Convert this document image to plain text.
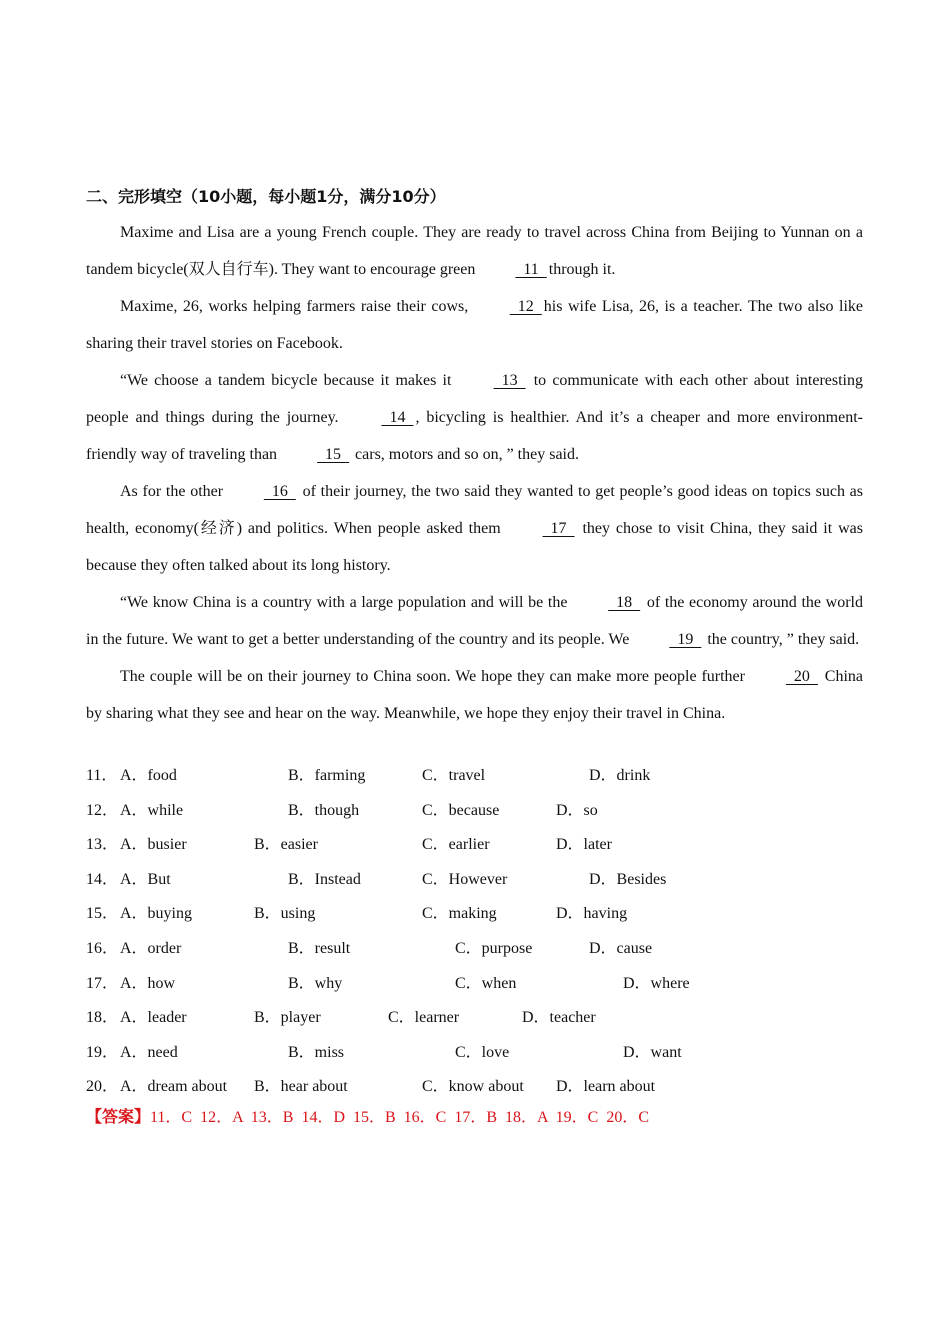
二、完形填空（10小题，每小题1分，满分10分）

Maxime and Lisa are a young French couple. They are ready to travel across China from Beijing to Yunnan on a tandem bicycle(双人自行车). They want to encourage green   11  through it.

Maxime, 26, works helping farmers raise their cows,   12  his wife Lisa, 26, is a teacher. The two also like sharing their travel stories on Facebook.

“We choose a tandem bicycle because it makes it   13   to communicate with each other about interesting people and things during the journey.   14  , bicycling is healthier. And it’s a cheaper and more environment-friendly way of traveling than   15   cars, motors and so on, ” they said.

As for the other   16   of their journey, the two said they wanted to get people’s good ideas on topics such as health, economy(经济) and politics. When people asked them   17   they chose to visit China, they said it was because they often talked about its long history.

“We know China is a country with a large population and will be the   18   of the economy around the world in the future. We want to get a better understanding of the country and its people. We   19   the country, ” they said.

The couple will be on their journey to China soon. We hope they can make more people further   20   China by sharing what they see and hear on the way. Meanwhile, we hope they enjoy their travel in China.

11． A．food	B．farming	C．travel	D．drink
12． A．while	B．though	C．because	D．so
13． A．busier	B．easier	C．earlier	D．later
14． A．But	B．Instead	C．However	D．Besides
15． A．buying	B．using	C．making	D．having
16． A．order	B．result	C．purpose	D．cause
17． A．how	B．why	C．when	D．where
18． A．leader	B．player	C．learner	D．teacher
19． A．need	B．miss	C．love	D．want
20． A．dream about B．hear about	C．know about D．learn about
【答案】11．C  12．A  13．B  14．D  15．B  16．C  17．B  18．A  19．C  20．C
